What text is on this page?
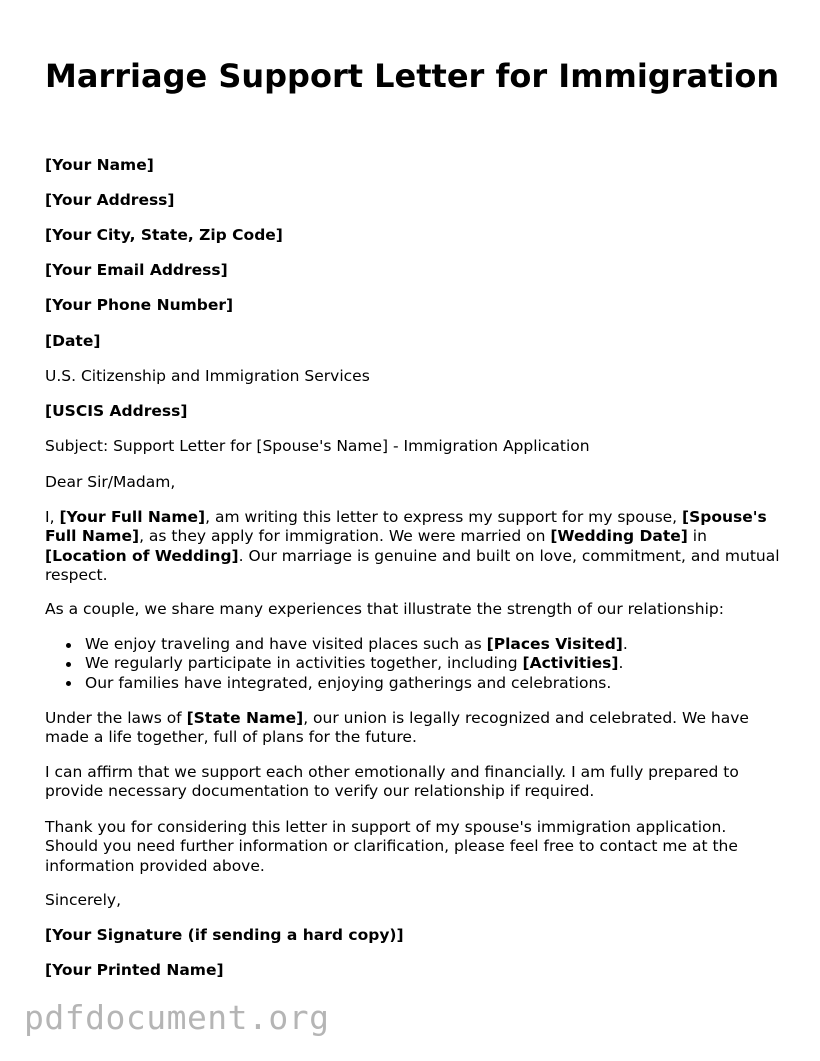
Marriage Support Letter for Immigration

[Your Name]

[Your Address]

[Your City, State, Zip Code]

[Your Email Address]

[Your Phone Number]

[Date]

U.S. Citizenship and Immigration Services

[USCIS Address]

Subject: Support Letter for [Spouse's Name] - Immigration Application

Dear Sir/Madam,

I, [Your Full Name], am writing this letter to express my support for my spouse, [Spouse's Full Name], as they apply for immigration. We were married on [Wedding Date] in [Location of Wedding]. Our marriage is genuine and built on love, commitment, and mutual respect.

As a couple, we share many experiences that illustrate the strength of our relationship:

We enjoy traveling and have visited places such as [Places Visited].
We regularly participate in activities together, including [Activities].
Our families have integrated, enjoying gatherings and celebrations.

Under the laws of [State Name], our union is legally recognized and celebrated. We have made a life together, full of plans for the future.

I can affirm that we support each other emotionally and financially. I am fully prepared to provide necessary documentation to verify our relationship if required.

Thank you for considering this letter in support of my spouse's immigration application. Should you need further information or clarification, please feel free to contact me at the information provided above.

Sincerely,

[Your Signature (if sending a hard copy)]

[Your Printed Name]

pdfdocument.org
